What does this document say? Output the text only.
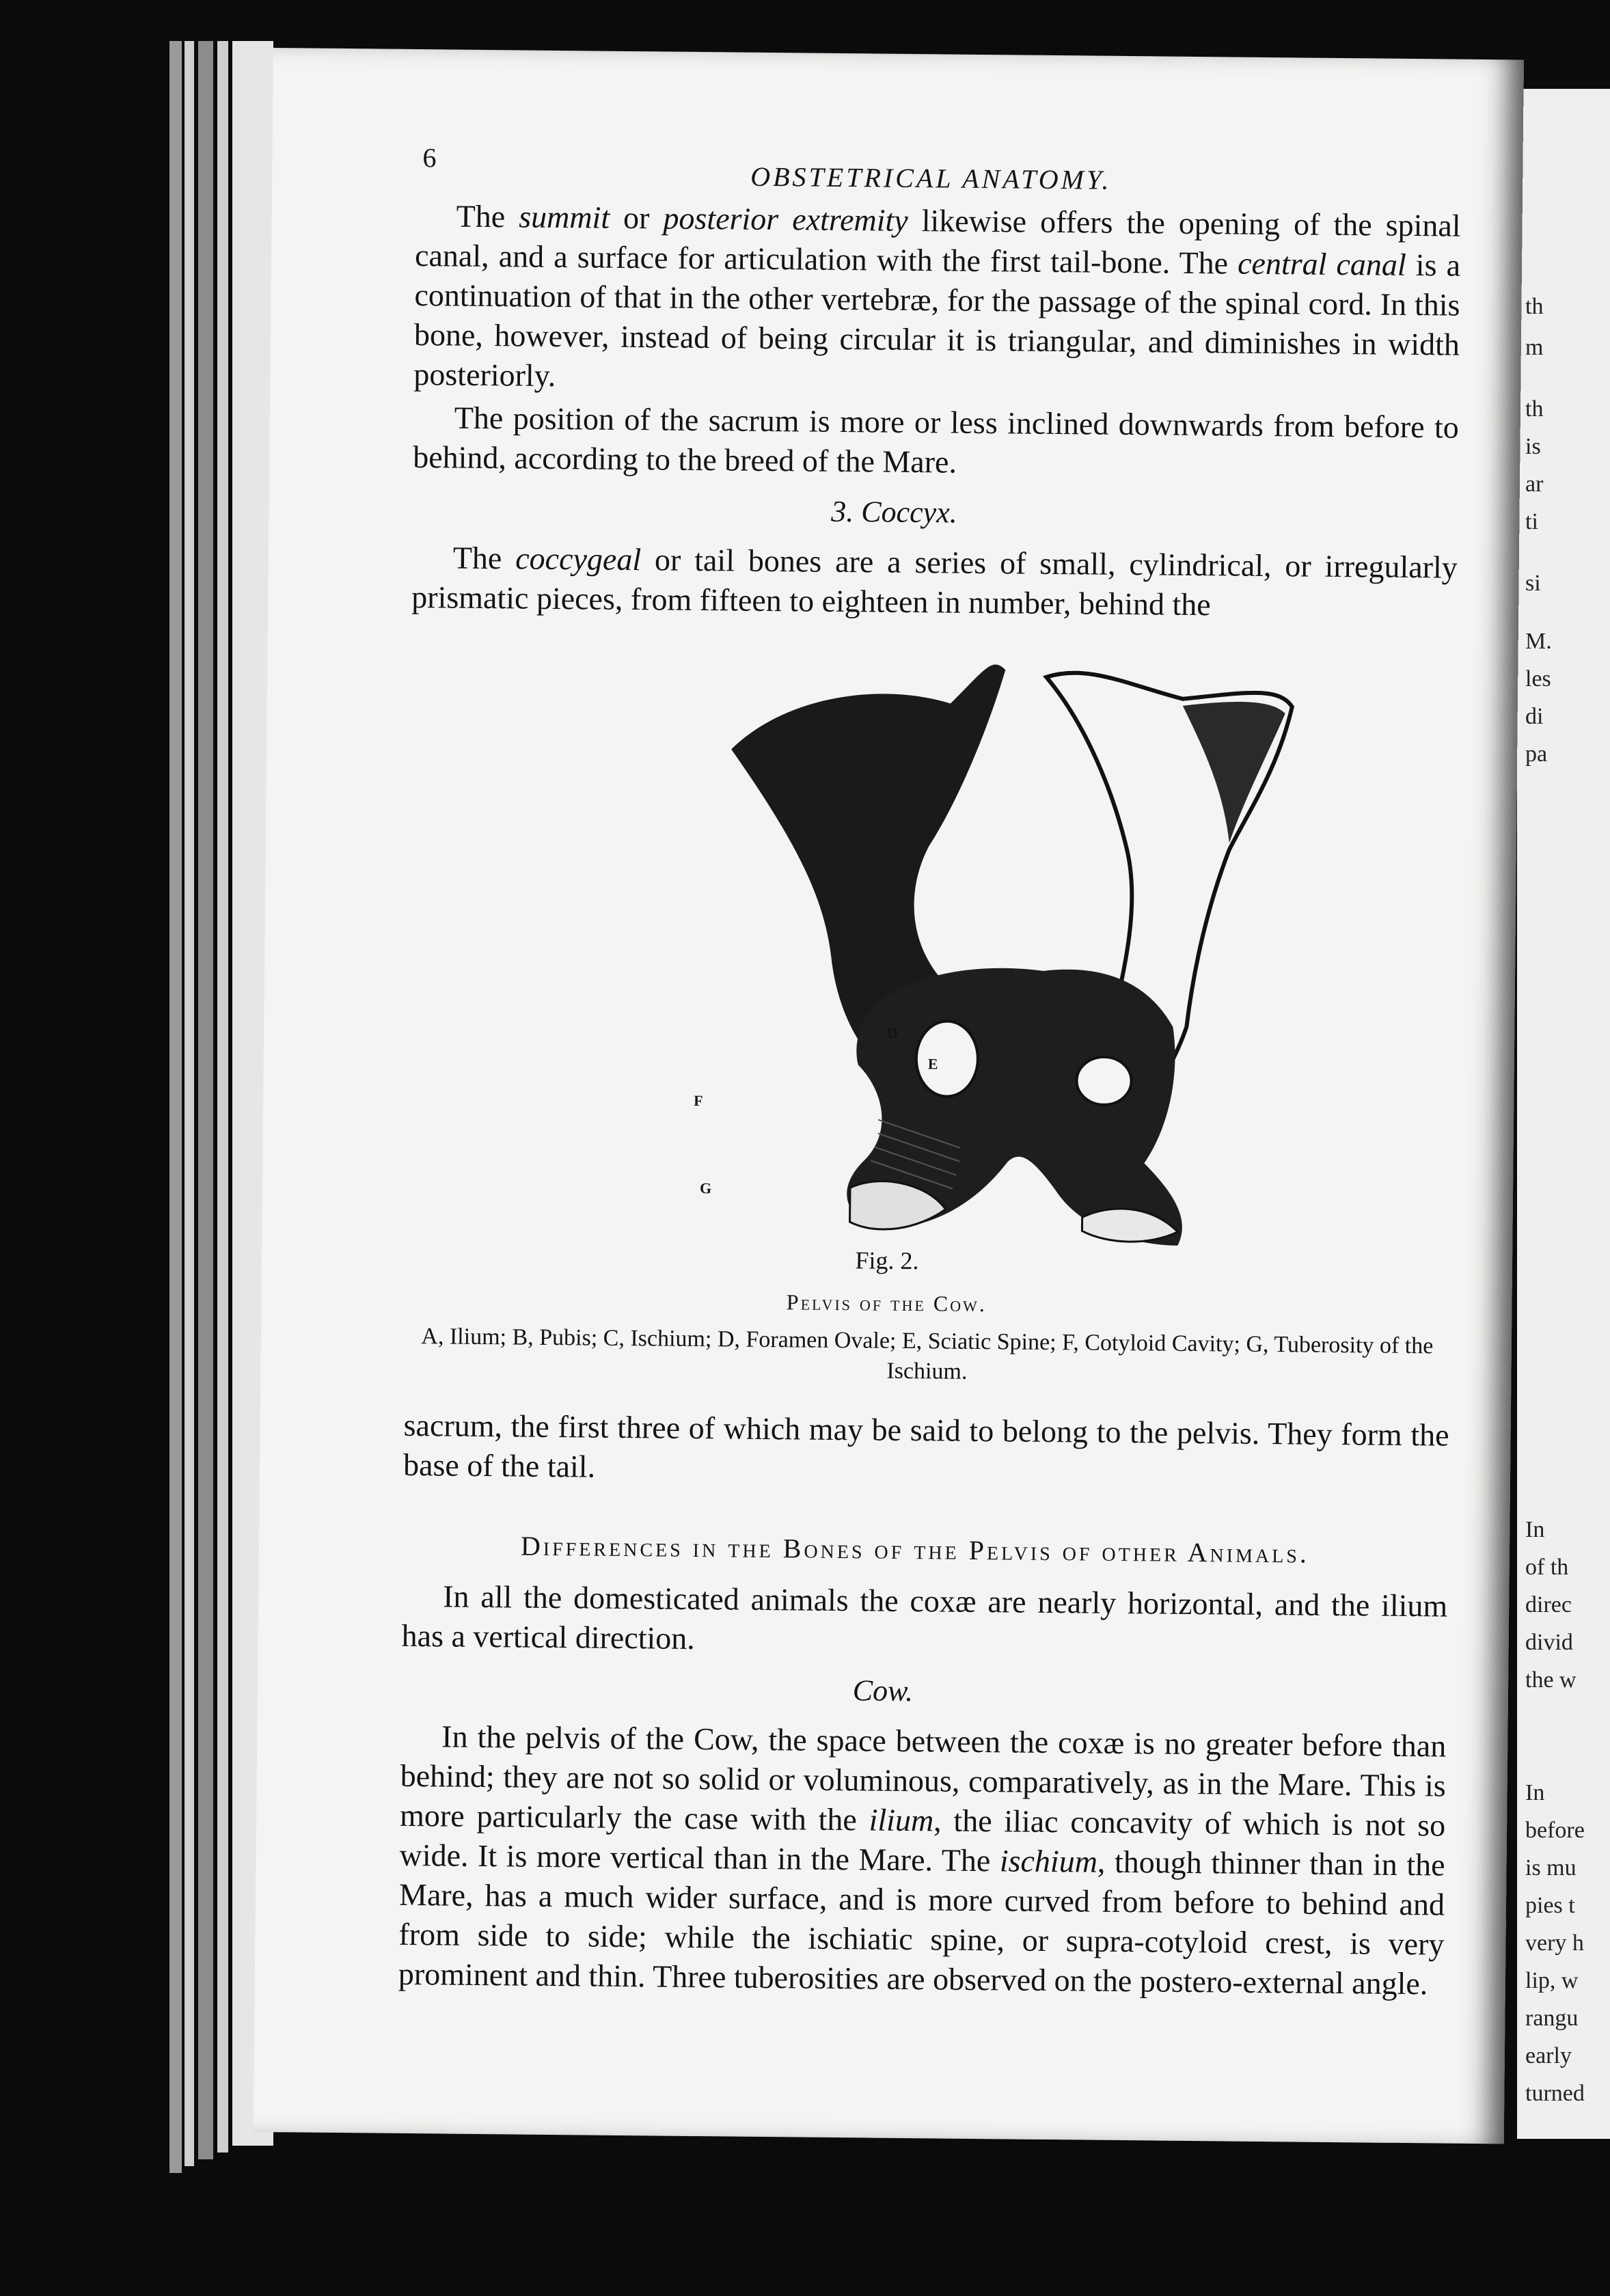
th
m
th
is
ar
ti
si
M.
les
di
pa
In
of th
direc
divid
the w
In
before
is mu
pies t
very h
lip, w
rangu
early
turned
6
OBSTETRICAL ANATOMY.

The summit or posterior extremity likewise offers the opening of the spinal canal, and a surface for articulation with the first tail-bone. The central canal is a continuation of that in the other vertebræ, for the passage of the spinal cord. In this bone, however, instead of being circular it is triangular, and diminishes in width posteriorly.

The position of the sacrum is more or less inclined downwards from before to behind, according to the breed of the Mare.

3. Coccyx.

The coccygeal or tail bones are a series of small, cylindrical, or irregularly prismatic pieces, from fifteen to eighteen in number, behind the

D
E
F
G
Fig. 2.
Pelvis of the Cow.
A, Ilium; B, Pubis; C, Ischium; D, Foramen Ovale; E, Sciatic Spine; F, Cotyloid Cavity; G, Tuberosity of the Ischium.

sacrum, the first three of which may be said to belong to the pelvis. They form the base of the tail.

Differences in the Bones of the Pelvis of other Animals.

In all the domesticated animals the coxæ are nearly horizontal, and the ilium has a vertical direction.

Cow.

In the pelvis of the Cow, the space between the coxæ is no greater before than behind; they are not so solid or voluminous, comparatively, as in the Mare. This is more particularly the case with the ilium, the iliac concavity of which is not so wide. It is more vertical than in the Mare. The ischium, though thinner than in the Mare, has a much wider surface, and is more curved from before to behind and from side to side; while the ischiatic spine, or supra-cotyloid crest, is very prominent and thin. Three tuberosities are observed on the postero-external angle.
